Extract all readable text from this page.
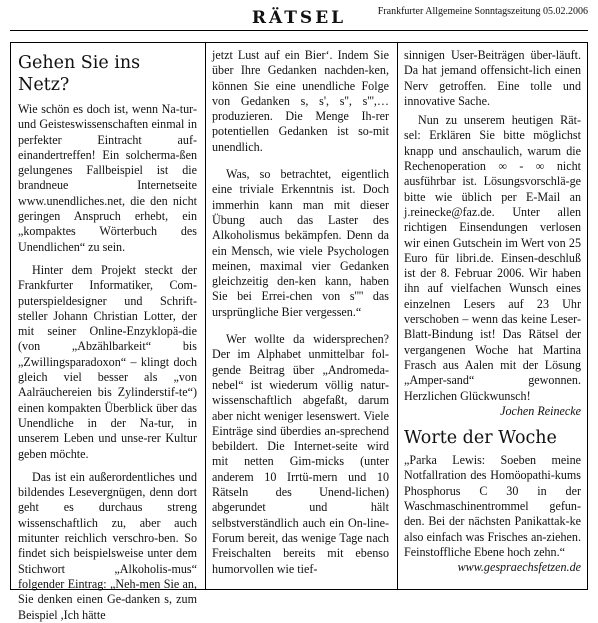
RÄTSEL	Frankfurter Allgemeine Sonntagszeitung 05.02.2006
Gehen Sie ins Netz?

Wie schön es doch ist, wenn Na-tur- und Geisteswissenschaften einmal in perfekter Eintracht auf-einandertreffen! Ein solcherma-ßen gelungenes Fallbeispiel ist die brandneue Internetseite www.unendliches.net, die den nicht geringen Anspruch erhebt, ein „kompaktes Wörterbuch des Unendlichen“ zu sein.

Hinter dem Projekt steckt der Frankfurter Informatiker, Com-puterspieldesigner und Schrift-steller Johann Christian Lotter, der mit seiner Online-Enzyklopä-die (von „Abzählbarkeit“ bis „Zwillingsparadoxon“ – klingt doch gleich viel besser als „von Aalräuchereien bis Zylinderstif-te“) einen kompakten Überblick über das Unendliche in der Na-tur, in unserem Leben und unse-rer Kultur geben möchte.

Das ist ein außerordentliches und bildendes Lesevergnügen, denn dort geht es durchaus streng wissenschaftlich zu, aber auch mitunter reichlich verschro-ben. So findet sich beispielsweise unter dem Stichwort „Alkoholis-mus“ folgender Eintrag: „Neh-men Sie an, Sie denken einen Ge-danken s, zum Beispiel ,Ich hätte

jetzt Lust auf ein Bier‘. Indem Sie über Ihre Gedanken nachden-ken, können Sie eine unendliche Folge von Gedanken s, s', s'', s''',… produzieren. Die Menge Ih-rer potentiellen Gedanken ist so-mit unendlich.

Was, so betrachtet, eigentlich eine triviale Erkenntnis ist. Doch immerhin kann man mit dieser Übung auch das Laster des Alkoholismus bekämpfen. Denn da ein Mensch, wie viele Psychologen meinen, maximal vier Gedanken gleichzeitig den-ken kann, haben Sie bei Errei-chen von s'''' das ursprüngliche Bier vergessen.“

Wer wollte da widersprechen? Der im Alphabet unmittelbar fol-gende Beitrag über „Andromeda-nebel“ ist wiederum völlig natur-wissenschaftlich abgefaßt, darum aber nicht weniger lesenswert. Viele Einträge sind überdies an-sprechend bebildert. Die Internet-seite wird mit netten Gim-micks (unter anderem 10 Irrtü-mern und 10 Rätseln des Unend-lichen) abgerundet und hält selbstverständlich auch ein On-line-Forum bereit, das wenige Tage nach Freischalten bereits mit ebenso humorvollen wie tief-

sinnigen User-Beiträgen über-läuft. Da hat jemand offensicht-lich einen Nerv getroffen. Eine tolle und innovative Sache.

Nun zu unserem heutigen Rät-sel: Erklären Sie bitte möglichst knapp und anschaulich, warum die Rechenoperation ∞ - ∞ nicht ausführbar ist. Lösungsvorschlä-ge bitte wie üblich per E-Mail an j.reinecke@faz.de. Unter allen richtigen Einsendungen verlosen wir einen Gutschein im Wert von 25 Euro für libri.de. Einsen-deschluß ist der 8. Februar 2006. Wir haben ihn auf vielfachen Wunsch eines einzelnen Lesers auf 23 Uhr verschoben – wenn das keine Leser-Blatt-Bindung ist! Das Rätsel der vergangenen Woche hat Martina Frasch aus Aalen mit der Lösung „Amper-sand“ gewonnen. Herzlichen Glückwunsch!

Jochen Reinecke

Worte der Woche

„Parka Lewis: Soeben meine Notfallration des Homöopathi-kums Phosphorus C 30 in der Waschmaschinentrommel gefun-den. Bei der nächsten Panikattak-ke also einfach was Frisches an-ziehen. Feinstoffliche Ebene hoch zehn.“

www.gespraechsfetzen.de
